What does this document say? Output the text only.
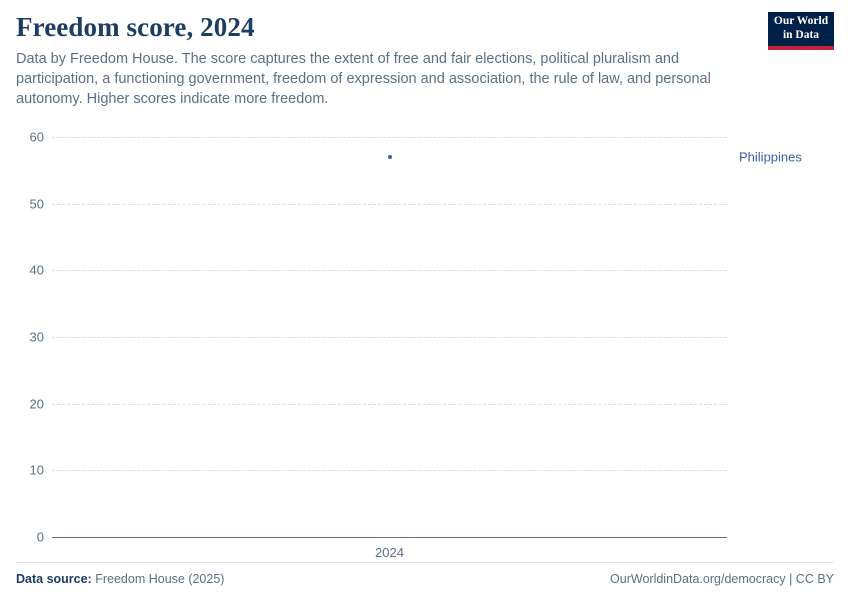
Freedom score, 2024

Data by Freedom House. The score captures the extent of free and fair elections, political pluralism and participation, a functioning government, freedom of expression and association, the rule of law, and personal autonomy. Higher scores indicate more freedom.

Our World
in Data
0
10
20
30
40
50
60
2024
Philippines
Data source: Freedom House (2025)	OurWorldinData.org/democracy | CC BY
